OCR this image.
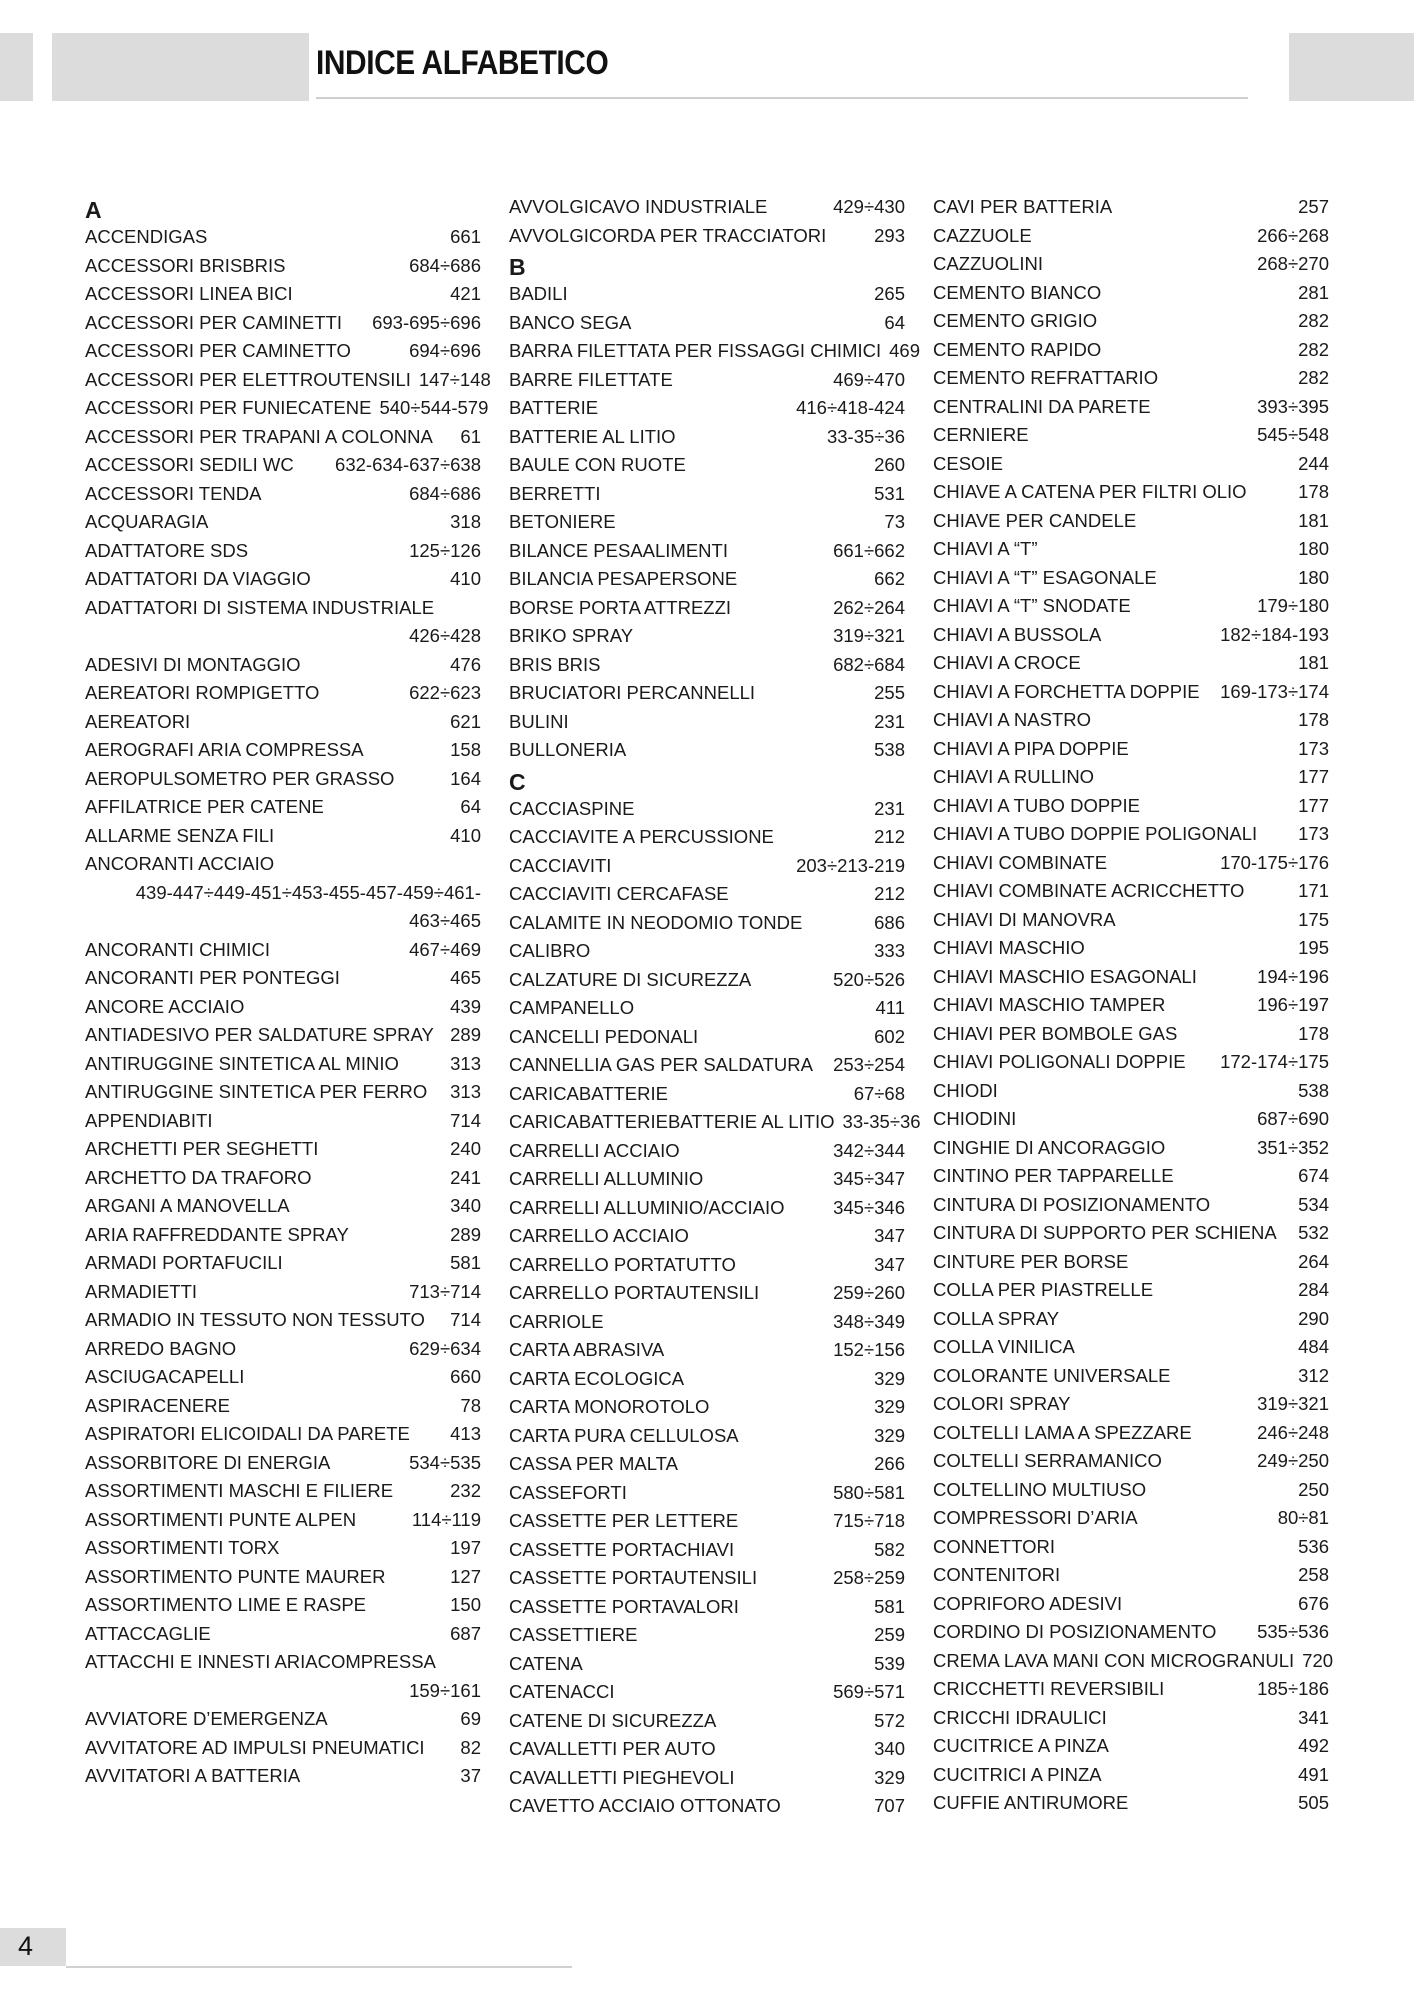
INDICE ALFABETICO
A
ACCENDIGAS	661
ACCESSORI BRISBRIS	684÷686
ACCESSORI LINEA BICI	421
ACCESSORI PER CAMINETTI 693-695÷696
ACCESSORI PER CAMINETTO	694÷696
ACCESSORI PER ELETTROUTENSILI 147÷148
ACCESSORI PER FUNIECATENE 540÷544-579
ACCESSORI PER TRAPANI A COLONNA 61
ACCESSORI SEDILI WC 632-634-637÷638
ACCESSORI TENDA	684÷686
ACQUARAGIA	318
ADATTATORE SDS	125÷126
ADATTATORI DA VIAGGIO	410
ADATTATORI DI SISTEMA INDUSTRIALE
426÷428
ADESIVI DI MONTAGGIO	476
AEREATORI ROMPIGETTO	622÷623
AEREATORI	621
AEROGRAFI ARIA COMPRESSA	158
AEROPULSOMETRO PER GRASSO	164
AFFILATRICE PER CATENE	64
ALLARME SENZA FILI	410
ANCORANTI ACCIAIO
439-447÷449-451÷453-455-457-459÷461-
463÷465
ANCORANTI CHIMICI	467÷469
ANCORANTI PER PONTEGGI	465
ANCORE ACCIAIO	439
ANTIADESIVO PER SALDATURE SPRAY 289
ANTIRUGGINE SINTETICA AL MINIO	313
ANTIRUGGINE SINTETICA PER FERRO 313
APPENDIABITI	714
ARCHETTI PER SEGHETTI	240
ARCHETTO DA TRAFORO	241
ARGANI A MANOVELLA	340
ARIA RAFFREDDANTE SPRAY	289
ARMADI PORTAFUCILI	581
ARMADIETTI	713÷714
ARMADIO IN TESSUTO NON TESSUTO 714
ARREDO BAGNO	629÷634
ASCIUGACAPELLI	660
ASPIRACENERE	78
ASPIRATORI ELICOIDALI DA PARETE 413
ASSORBITORE DI ENERGIA	534÷535
ASSORTIMENTI MASCHI E FILIERE	232
ASSORTIMENTI PUNTE ALPEN	114÷119
ASSORTIMENTI TORX	197
ASSORTIMENTO PUNTE MAURER	127
ASSORTIMENTO LIME E RASPE	150
ATTACCAGLIE	687
ATTACCHI E INNESTI ARIACOMPRESSA
159÷161
AVVIATORE D’EMERGENZA	69
AVVITATORE AD IMPULSI PNEUMATICI 82
AVVITATORI A BATTERIA	37
AVVOLGICAVO INDUSTRIALE	429÷430
AVVOLGICORDA PER TRACCIATORI	293
B
BADILI	265
BANCO SEGA	64
BARRA FILETTATA PER FISSAGGI CHIMICI 469
BARRE FILETTATE	469÷470
BATTERIE	416÷418-424
BATTERIE AL LITIO	33-35÷36
BAULE CON RUOTE	260
BERRETTI	531
BETONIERE	73
BILANCE PESAALIMENTI	661÷662
BILANCIA PESAPERSONE	662
BORSE PORTA ATTREZZI	262÷264
BRIKO SPRAY	319÷321
BRIS BRIS	682÷684
BRUCIATORI PERCANNELLI	255
BULINI	231
BULLONERIA	538
C
CACCIASPINE	231
CACCIAVITE A PERCUSSIONE	212
CACCIAVITI	203÷213-219
CACCIAVITI CERCAFASE	212
CALAMITE IN NEODOMIO TONDE	686
CALIBRO	333
CALZATURE DI SICUREZZA	520÷526
CAMPANELLO	411
CANCELLI PEDONALI	602
CANNELLIA GAS PER SALDATURA 253÷254
CARICABATTERIE	67÷68
CARICABATTERIEBATTERIE AL LITIO 33-35÷36
CARRELLI ACCIAIO	342÷344
CARRELLI ALLUMINIO	345÷347
CARRELLI ALLUMINIO/ACCIAIO	345÷346
CARRELLO ACCIAIO	347
CARRELLO PORTATUTTO	347
CARRELLO PORTAUTENSILI	259÷260
CARRIOLE	348÷349
CARTA ABRASIVA	152÷156
CARTA ECOLOGICA	329
CARTA MONOROTOLO	329
CARTA PURA CELLULOSA	329
CASSA PER MALTA	266
CASSEFORTI	580÷581
CASSETTE PER LETTERE	715÷718
CASSETTE PORTACHIAVI	582
CASSETTE PORTAUTENSILI	258÷259
CASSETTE PORTAVALORI	581
CASSETTIERE	259
CATENA	539
CATENACCI	569÷571
CATENE DI SICUREZZA	572
CAVALLETTI PER AUTO	340
CAVALLETTI PIEGHEVOLI	329
CAVETTO ACCIAIO OTTONATO	707
CAVI PER BATTERIA	257
CAZZUOLE	266÷268
CAZZUOLINI	268÷270
CEMENTO BIANCO	281
CEMENTO GRIGIO	282
CEMENTO RAPIDO	282
CEMENTO REFRATTARIO	282
CENTRALINI DA PARETE	393÷395
CERNIERE	545÷548
CESOIE	244
CHIAVE A CATENA PER FILTRI OLIO	178
CHIAVE PER CANDELE	181
CHIAVI A “T”	180
CHIAVI A “T” ESAGONALE	180
CHIAVI A “T” SNODATE	179÷180
CHIAVI A BUSSOLA	182÷184-193
CHIAVI A CROCE	181
CHIAVI A FORCHETTA DOPPIE 169-173÷174
CHIAVI A NASTRO	178
CHIAVI A PIPA DOPPIE	173
CHIAVI A RULLINO	177
CHIAVI A TUBO DOPPIE	177
CHIAVI A TUBO DOPPIE POLIGONALI 173
CHIAVI COMBINATE	170-175÷176
CHIAVI COMBINATE ACRICCHETTO	171
CHIAVI DI MANOVRA	175
CHIAVI MASCHIO	195
CHIAVI MASCHIO ESAGONALI	194÷196
CHIAVI MASCHIO TAMPER	196÷197
CHIAVI PER BOMBOLE GAS	178
CHIAVI POLIGONALI DOPPIE 172-174÷175
CHIODI	538
CHIODINI	687÷690
CINGHIE DI ANCORAGGIO	351÷352
CINTINO PER TAPPARELLE	674
CINTURA DI POSIZIONAMENTO	534
CINTURA DI SUPPORTO PER SCHIENA 532
CINTURE PER BORSE	264
COLLA PER PIASTRELLE	284
COLLA SPRAY	290
COLLA VINILICA	484
COLORANTE UNIVERSALE	312
COLORI SPRAY	319÷321
COLTELLI LAMA A SPEZZARE	246÷248
COLTELLI SERRAMANICO	249÷250
COLTELLINO MULTIUSO	250
COMPRESSORI D’ARIA	80÷81
CONNETTORI	536
CONTENITORI	258
COPRIFORO ADESIVI	676
CORDINO DI POSIZIONAMENTO 535÷536
CREMA LAVA MANI CON MICROGRANULI 720
CRICCHETTI REVERSIBILI	185÷186
CRICCHI IDRAULICI	341
CUCITRICE A PINZA	492
CUCITRICI A PINZA	491
CUFFIE ANTIRUMORE	505
4
